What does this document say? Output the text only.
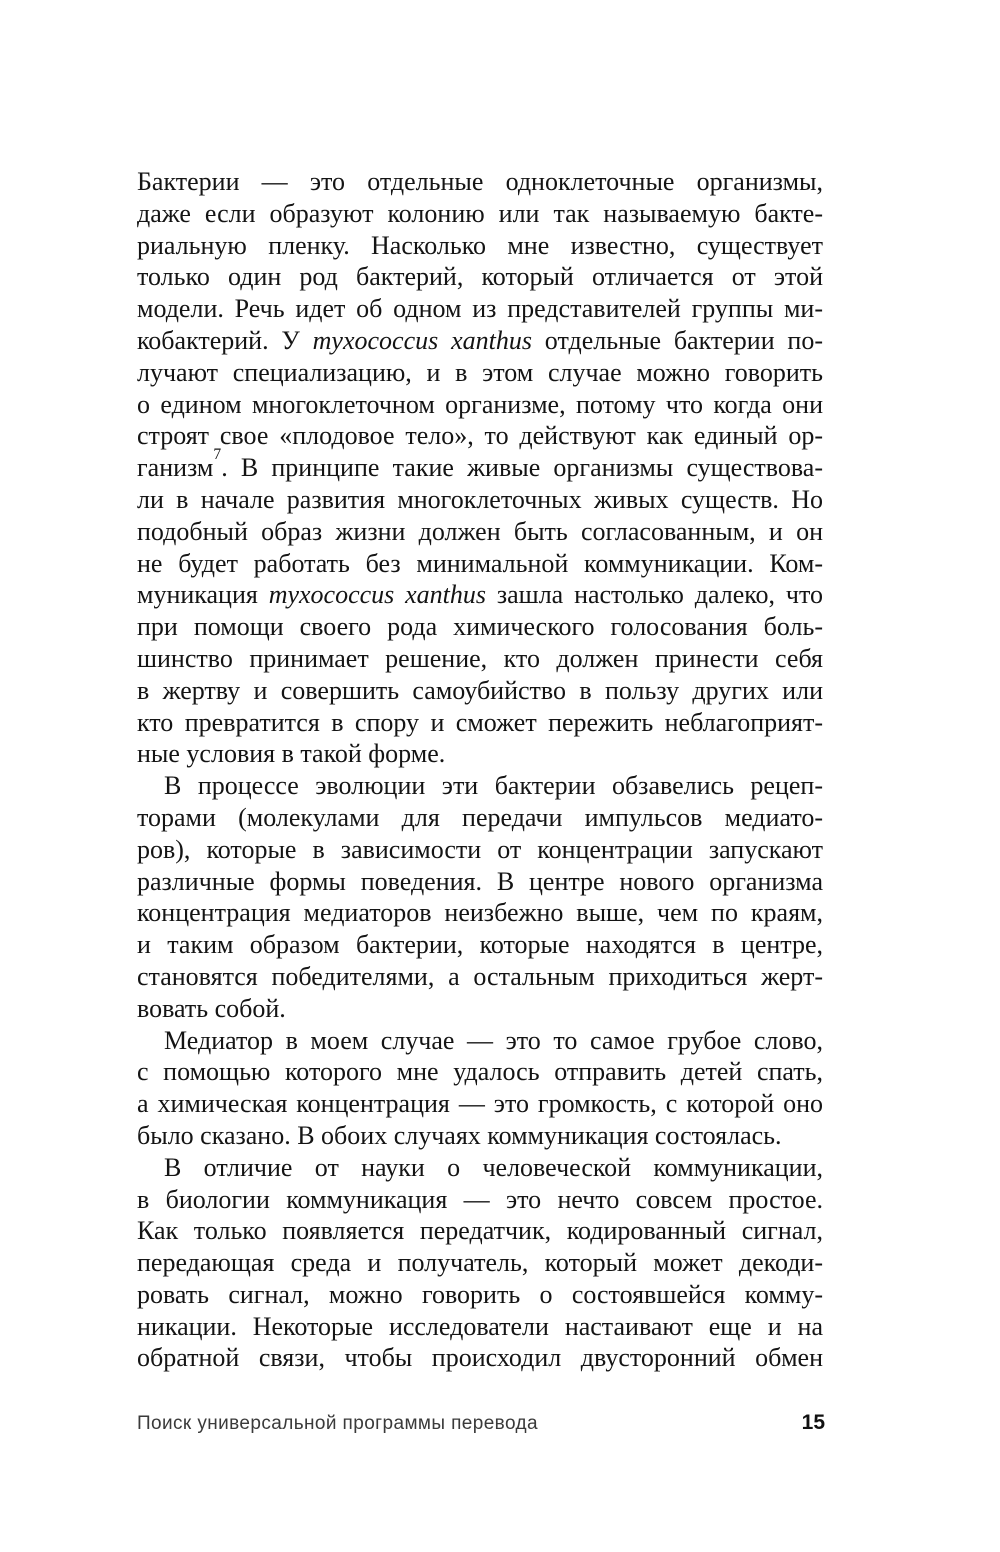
Бактерии — это отдельные одноклеточные организмы,
даже если образуют колонию или так называемую бакте-
риальную пленку. Насколько мне известно, существует
только один род бактерий, который отличается от этой
модели. Речь идет об одном из представителей группы ми-
кобактерий. У myxococcus xanthus отдельные бактерии по-
лучают специализацию, и в этом случае можно говорить
о едином многоклеточном организме, потому что когда они
строят свое «плодовое тело», то действуют как единый ор-
ганизм$^7$. В принципе такие живые организмы существова-
ли в начале развития многоклеточных живых существ. Но
подобный образ жизни должен быть согласованным, и он
не будет работать без минимальной коммуникации. Ком-
муникация myxococcus xanthus зашла настолько далеко, что
при помощи своего рода химического голосования боль-
шинство принимает решение, кто должен принести себя
в жертву и совершить самоубийство в пользу других или
кто превратится в спору и сможет пережить неблагоприят-
ные условия в такой форме.
В процессе эволюции эти бактерии обзавелись рецеп-
торами (молекулами для передачи импульсов медиато-
ров), которые в зависимости от концентрации запускают
различные формы поведения. В центре нового организма
концентрация медиаторов неизбежно выше, чем по краям,
и таким образом бактерии, которые находятся в центре,
становятся победителями, а остальным приходиться жерт-
вовать собой.
Медиатор в моем случае — это то самое грубое слово,
с помощью которого мне удалось отправить детей спать,
а химическая концентрация — это громкость, с которой оно
было сказано. В обоих случаях коммуникация состоялась.
В отличие от науки о человеческой коммуникации,
в биологии коммуникация — это нечто совсем простое.
Как только появляется передатчик, кодированный сигнал,
передающая среда и получатель, который может декоди-
ровать сигнал, можно говорить о состоявшейся комму-
никации. Некоторые исследователи настаивают еще и на
обратной связи, чтобы происходил двусторонний обмен
Поиск универсальной программы перевода	15
